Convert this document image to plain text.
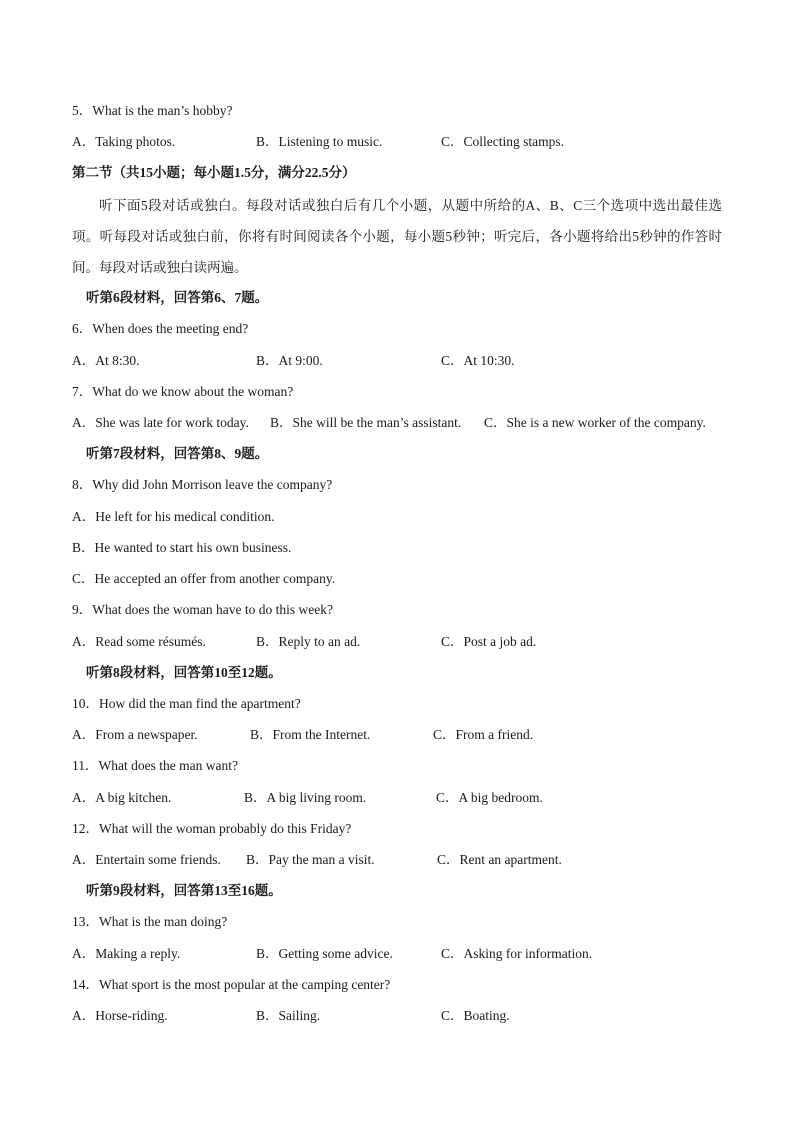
5．What is the man’s hobby?
A．Taking photos.	B．Listening to music.	C．Collecting stamps.
第二节（共15小题；每小题1.5分，满分22.5分）
听下面5段对话或独白。每段对话或独白后有几个小题，从题中所给的A、B、C三个选项中选出最佳选项。听每段对话或独白前，你将有时间阅读各个小题，每小题5秒钟；听完后，各小题将给出5秒钟的作答时间。每段对话或独白读两遍。
听第6段材料，回答第6、7题。
6．When does the meeting end?
A．At 8:30.	B．At 9:00.	C．At 10:30.
7．What do we know about the woman?
A．She was late for work today. B．She will be the man’s assistant. C．She is a new worker of the company.
听第7段材料，回答第8、9题。
8．Why did John Morrison leave the company?
A．He left for his medical condition.
B．He wanted to start his own business.
C．He accepted an offer from another company.
9．What does the woman have to do this week?
A．Read some résumés.	B．Reply to an ad.	C．Post a job ad.
听第8段材料，回答第10至12题。
10．How did the man find the apartment?
A．From a newspaper.	B．From the Internet.	C．From a friend.
11．What does the man want?
A．A big kitchen.	B．A big living room.	C．A big bedroom.
12．What will the woman probably do this Friday?
A．Entertain some friends. B．Pay the man a visit.	C．Rent an apartment.
听第9段材料，回答第13至16题。
13．What is the man doing?
A．Making a reply.	B．Getting some advice.	C．Asking for information.
14．What sport is the most popular at the camping center?
A．Horse-riding.	B．Sailing.	C．Boating.
